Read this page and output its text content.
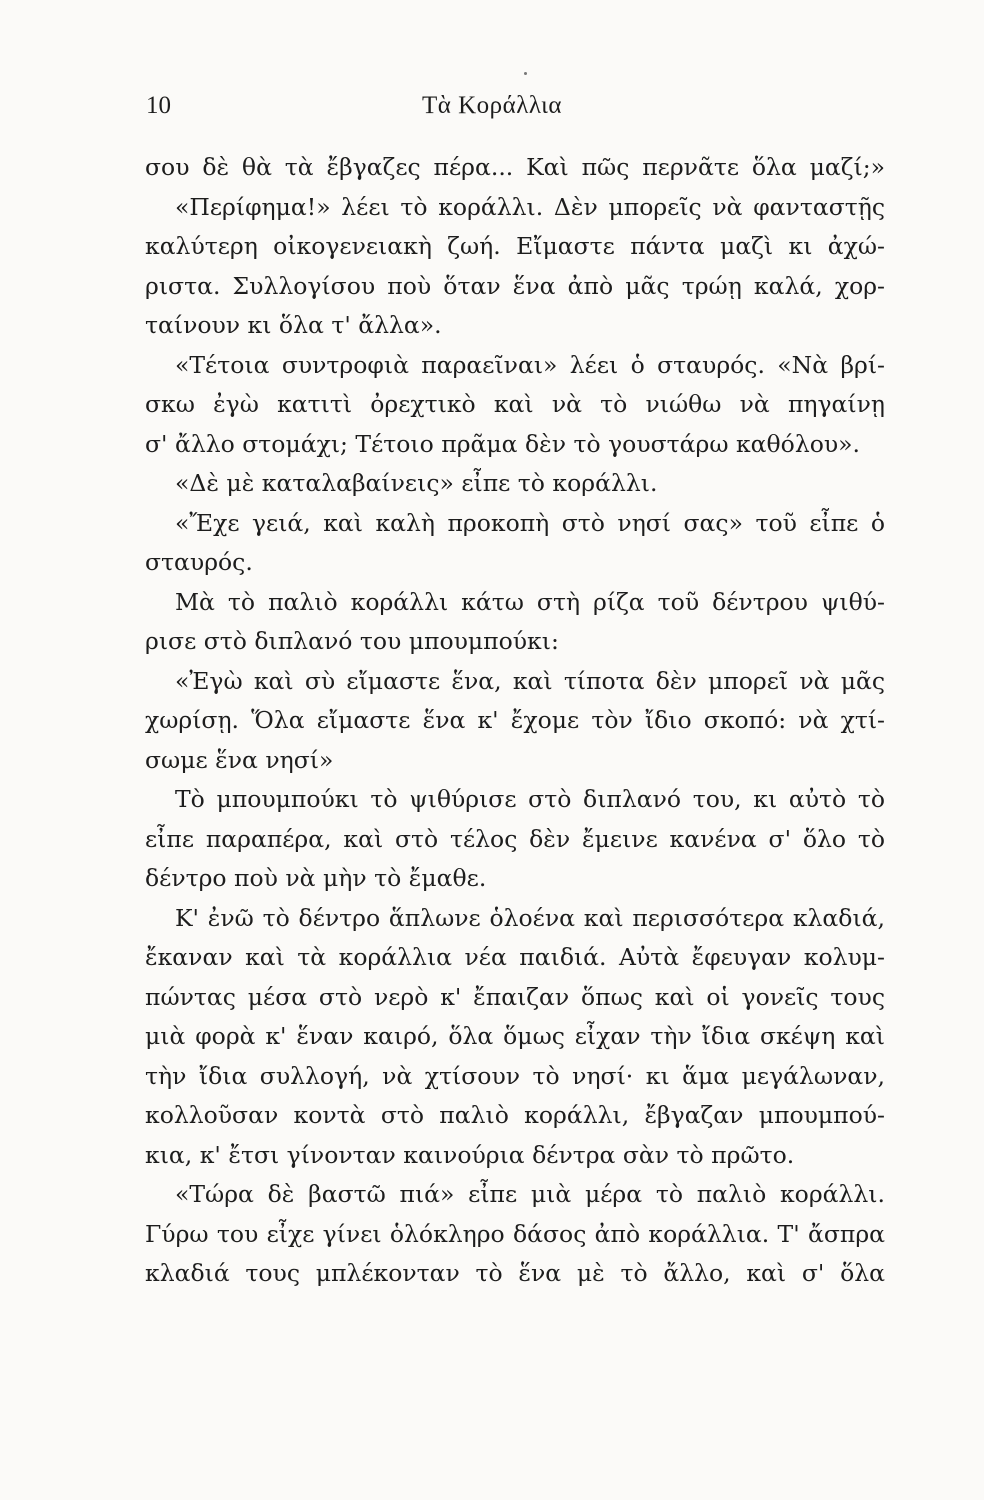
10	Τὰ Κοράλλια
σου δὲ θὰ τὰ ἔβγαζες πέρα... Καὶ πῶς περνᾶτε ὅλα μαζί;»
«Περίφημα!» λέει τὸ κοράλλι. Δὲν μπορεῖς νὰ φανταστῇς
καλύτερη οἰκογενειακὴ ζωή. Εἴμαστε πάντα μαζὶ κι ἀχώ-
ριστα. Συλλογίσου ποὺ ὅταν ἕνα ἀπὸ μᾶς τρώῃ καλά, χορ-
ταίνουν κι ὅλα τ' ἄλλα».
«Τέτοια συντροφιὰ παραεῖναι» λέει ὁ σταυρός. «Νὰ βρί-
σκω ἐγὼ κατιτὶ ὀρεχτικὸ καὶ νὰ τὸ νιώθω νὰ πηγαίνῃ
σ' ἄλλο στομάχι; Τέτοιο πρᾶμα δὲν τὸ γουστάρω καθόλου».
«Δὲ μὲ καταλαβαίνεις» εἶπε τὸ κοράλλι.
«Ἔχε γειά, καὶ καλὴ προκοπὴ στὸ νησί σας» τοῦ εἶπε ὁ
σταυρός.
Μὰ τὸ παλιὸ κοράλλι κάτω στὴ ρίζα τοῦ δέντρου ψιθύ-
ρισε στὸ διπλανό του μπουμπούκι:
«Ἐγὼ καὶ σὺ εἴμαστε ἕνα, καὶ τίποτα δὲν μπορεῖ νὰ μᾶς
χωρίσῃ. Ὅλα εἴμαστε ἕνα κ' ἔχομε τὸν ἴδιο σκοπό: νὰ χτί-
σωμε ἕνα νησί»
Τὸ μπουμπούκι τὸ ψιθύρισε στὸ διπλανό του, κι αὐτὸ τὸ
εἶπε παραπέρα, καὶ στὸ τέλος δὲν ἔμεινε κανένα σ' ὅλο τὸ
δέντρο ποὺ νὰ μὴν τὸ ἔμαθε.
Κ' ἐνῶ τὸ δέντρο ἅπλωνε ὁλοένα καὶ περισσότερα κλαδιά,
ἔκαναν καὶ τὰ κοράλλια νέα παιδιά. Αὐτὰ ἔφευγαν κολυμ-
πώντας μέσα στὸ νερὸ κ' ἔπαιζαν ὅπως καὶ οἱ γονεῖς τους
μιὰ φορὰ κ' ἕναν καιρό, ὅλα ὅμως εἶχαν τὴν ἴδια σκέψη καὶ
τὴν ἴδια συλλογή, νὰ χτίσουν τὸ νησί· κι ἅμα μεγάλωναν,
κολλοῦσαν κοντὰ στὸ παλιὸ κοράλλι, ἔβγαζαν μπουμπού-
κια, κ' ἔτσι γίνονταν καινούρια δέντρα σὰν τὸ πρῶτο.
«Τώρα δὲ βαστῶ πιά» εἶπε μιὰ μέρα τὸ παλιὸ κοράλλι.
Γύρω του εἶχε γίνει ὁλόκληρο δάσος ἀπὸ κοράλλια. Τ' ἄσπρα
κλαδιά τους μπλέκονταν τὸ ἕνα μὲ τὸ ἄλλο, καὶ σ' ὅλα
